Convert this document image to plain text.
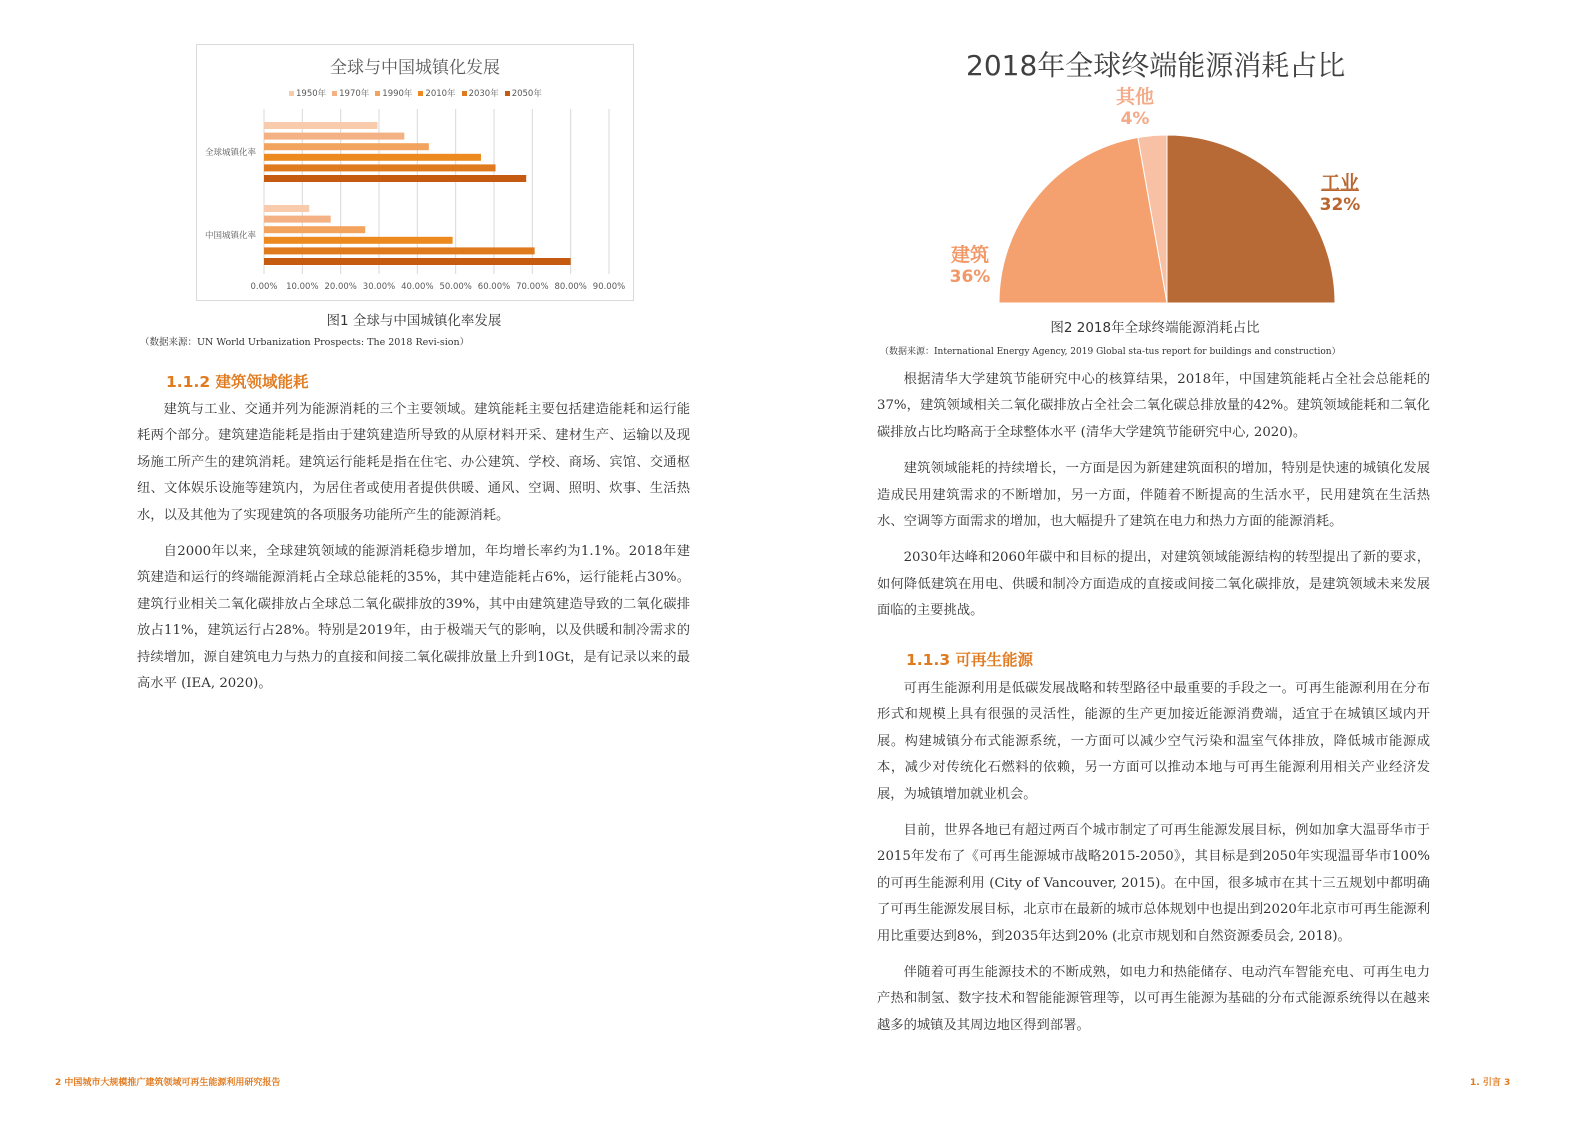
全球与中国城镇化发展
1950年 1970年 1990年 2010年 2030年 2050年
0.00% 10.00% 20.00% 30.00% 40.00% 50.00% 60.00% 70.00% 80.00% 90.00%
全球城镇化率
中国城镇化率
图1 全球与中国城镇化率发展
（数据来源：UN World Urbanization Prospects: The 2018 Revi-sion）
1.1.2 建筑领域能耗

建筑与工业、交通并列为能源消耗的三个主要领域。建筑能耗主要包括建造能耗和运行能耗两个部分。建筑建造能耗是指由于建筑建造所导致的从原材料开采、建材生产、运输以及现场施工所产生的建筑消耗。建筑运行能耗是指在住宅、办公建筑、学校、商场、宾馆、交通枢纽、文体娱乐设施等建筑内，为居住者或使用者提供供暖、通风、空调、照明、炊事、生活热水，以及其他为了实现建筑的各项服务功能所产生的能源消耗。

自2000年以来，全球建筑领域的能源消耗稳步增加，年均增长率约为1.1%。2018年建筑建造和运行的终端能源消耗占全球总能耗的35%，其中建造能耗占6%，运行能耗占30%。建筑行业相关二氧化碳排放占全球总二氧化碳排放的39%，其中由建筑建造导致的二氧化碳排放占11%，建筑运行占28%。特别是2019年，由于极端天气的影响，以及供暖和制冷需求的持续增加，源自建筑电力与热力的直接和间接二氧化碳排放量上升到10Gt，是有记录以来的最高水平 (IEA, 2020)。

2 中国城市大规模推广建筑领域可再生能源利用研究报告
2018年全球终端能源消耗占比
其他
4%
工业
32%
建筑
36%
图2 2018年全球终端能源消耗占比
（数据来源：International Energy Agency, 2019 Global sta-tus report for buildings and construction）

根据清华大学建筑节能研究中心的核算结果，2018年，中国建筑能耗占全社会总能耗的37%，建筑领域相关二氧化碳排放占全社会二氧化碳总排放量的42%。建筑领域能耗和二氧化碳排放占比均略高于全球整体水平 (清华大学建筑节能研究中心, 2020)。

建筑领域能耗的持续增长，一方面是因为新建建筑面积的增加，特别是快速的城镇化发展造成民用建筑需求的不断增加，另一方面，伴随着不断提高的生活水平，民用建筑在生活热水、空调等方面需求的增加，也大幅提升了建筑在电力和热力方面的能源消耗。

2030年达峰和2060年碳中和目标的提出，对建筑领域能源结构的转型提出了新的要求，如何降低建筑在用电、供暖和制冷方面造成的直接或间接二氧化碳排放，是建筑领域未来发展面临的主要挑战。

1.1.3 可再生能源

可再生能源利用是低碳发展战略和转型路径中最重要的手段之一。可再生能源利用在分布形式和规模上具有很强的灵活性，能源的生产更加接近能源消费端，适宜于在城镇区域内开展。构建城镇分布式能源系统，一方面可以减少空气污染和温室气体排放，降低城市能源成本，减少对传统化石燃料的依赖，另一方面可以推动本地与可再生能源利用相关产业经济发展，为城镇增加就业机会。

目前，世界各地已有超过两百个城市制定了可再生能源发展目标，例如加拿大温哥华市于2015年发布了《可再生能源城市战略2015-2050》，其目标是到2050年实现温哥华市100%的可再生能源利用 (City of Vancouver, 2015)。在中国，很多城市在其十三五规划中都明确了可再生能源发展目标，北京市在最新的城市总体规划中也提出到2020年北京市可再生能源利用比重要达到8%，到2035年达到20% (北京市规划和自然资源委员会, 2018)。

伴随着可再生能源技术的不断成熟，如电力和热能储存、电动汽车智能充电、可再生电力产热和制氢、数字技术和智能能源管理等，以可再生能源为基础的分布式能源系统得以在越来越多的城镇及其周边地区得到部署。

1. 引言 3
